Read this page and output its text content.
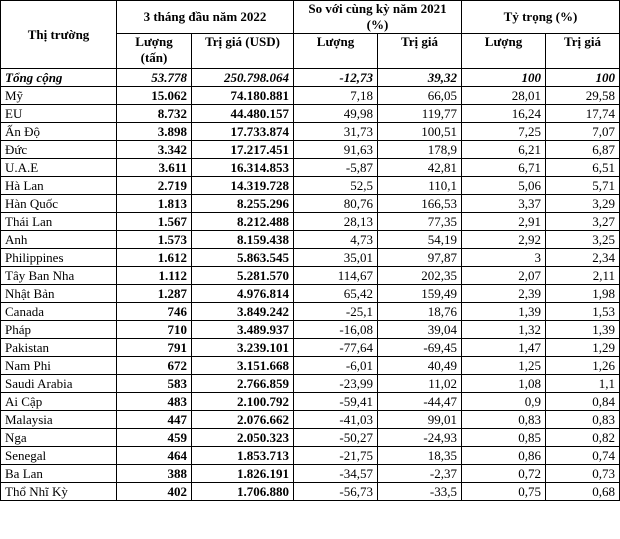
Thị trường	3 tháng đầu năm 2022		So với cùng kỳ năm 2021 (%)		Tỷ trọng (%)	
	Lượng (tấn)	Trị giá (USD)	Lượng	Trị giá	Lượng	Trị giá
Tổng cộng	53.778	250.798.064	-12,73	39,32	100	100
Mỹ	15.062	74.180.881	7,18	66,05	28,01	29,58
EU	8.732	44.480.157	49,98	119,77	16,24	17,74
Ấn Độ	3.898	17.733.874	31,73	100,51	7,25	7,07
Đức	3.342	17.217.451	91,63	178,9	6,21	6,87
U.A.E	3.611	16.314.853	-5,87	42,81	6,71	6,51
Hà Lan	2.719	14.319.728	52,5	110,1	5,06	5,71
Hàn Quốc	1.813	8.255.296	80,76	166,53	3,37	3,29
Thái Lan	1.567	8.212.488	28,13	77,35	2,91	3,27
Anh	1.573	8.159.438	4,73	54,19	2,92	3,25
Philippines	1.612	5.863.545	35,01	97,87	3	2,34
Tây Ban Nha	1.112	5.281.570	114,67	202,35	2,07	2,11
Nhật Bản	1.287	4.976.814	65,42	159,49	2,39	1,98
Canada	746	3.849.242	-25,1	18,76	1,39	1,53
Pháp	710	3.489.937	-16,08	39,04	1,32	1,39
Pakistan	791	3.239.101	-77,64	-69,45	1,47	1,29
Nam Phi	672	3.151.668	-6,01	40,49	1,25	1,26
Saudi Arabia	583	2.766.859	-23,99	11,02	1,08	1,1
Ai Cập	483	2.100.792	-59,41	-44,47	0,9	0,84
Malaysia	447	2.076.662	-41,03	99,01	0,83	0,83
Nga	459	2.050.323	-50,27	-24,93	0,85	0,82
Senegal	464	1.853.713	-21,75	18,35	0,86	0,74
Ba Lan	388	1.826.191	-34,57	-2,37	0,72	0,73
Thổ Nhĩ Kỳ	402	1.706.880	-56,73	-33,5	0,75	0,68
